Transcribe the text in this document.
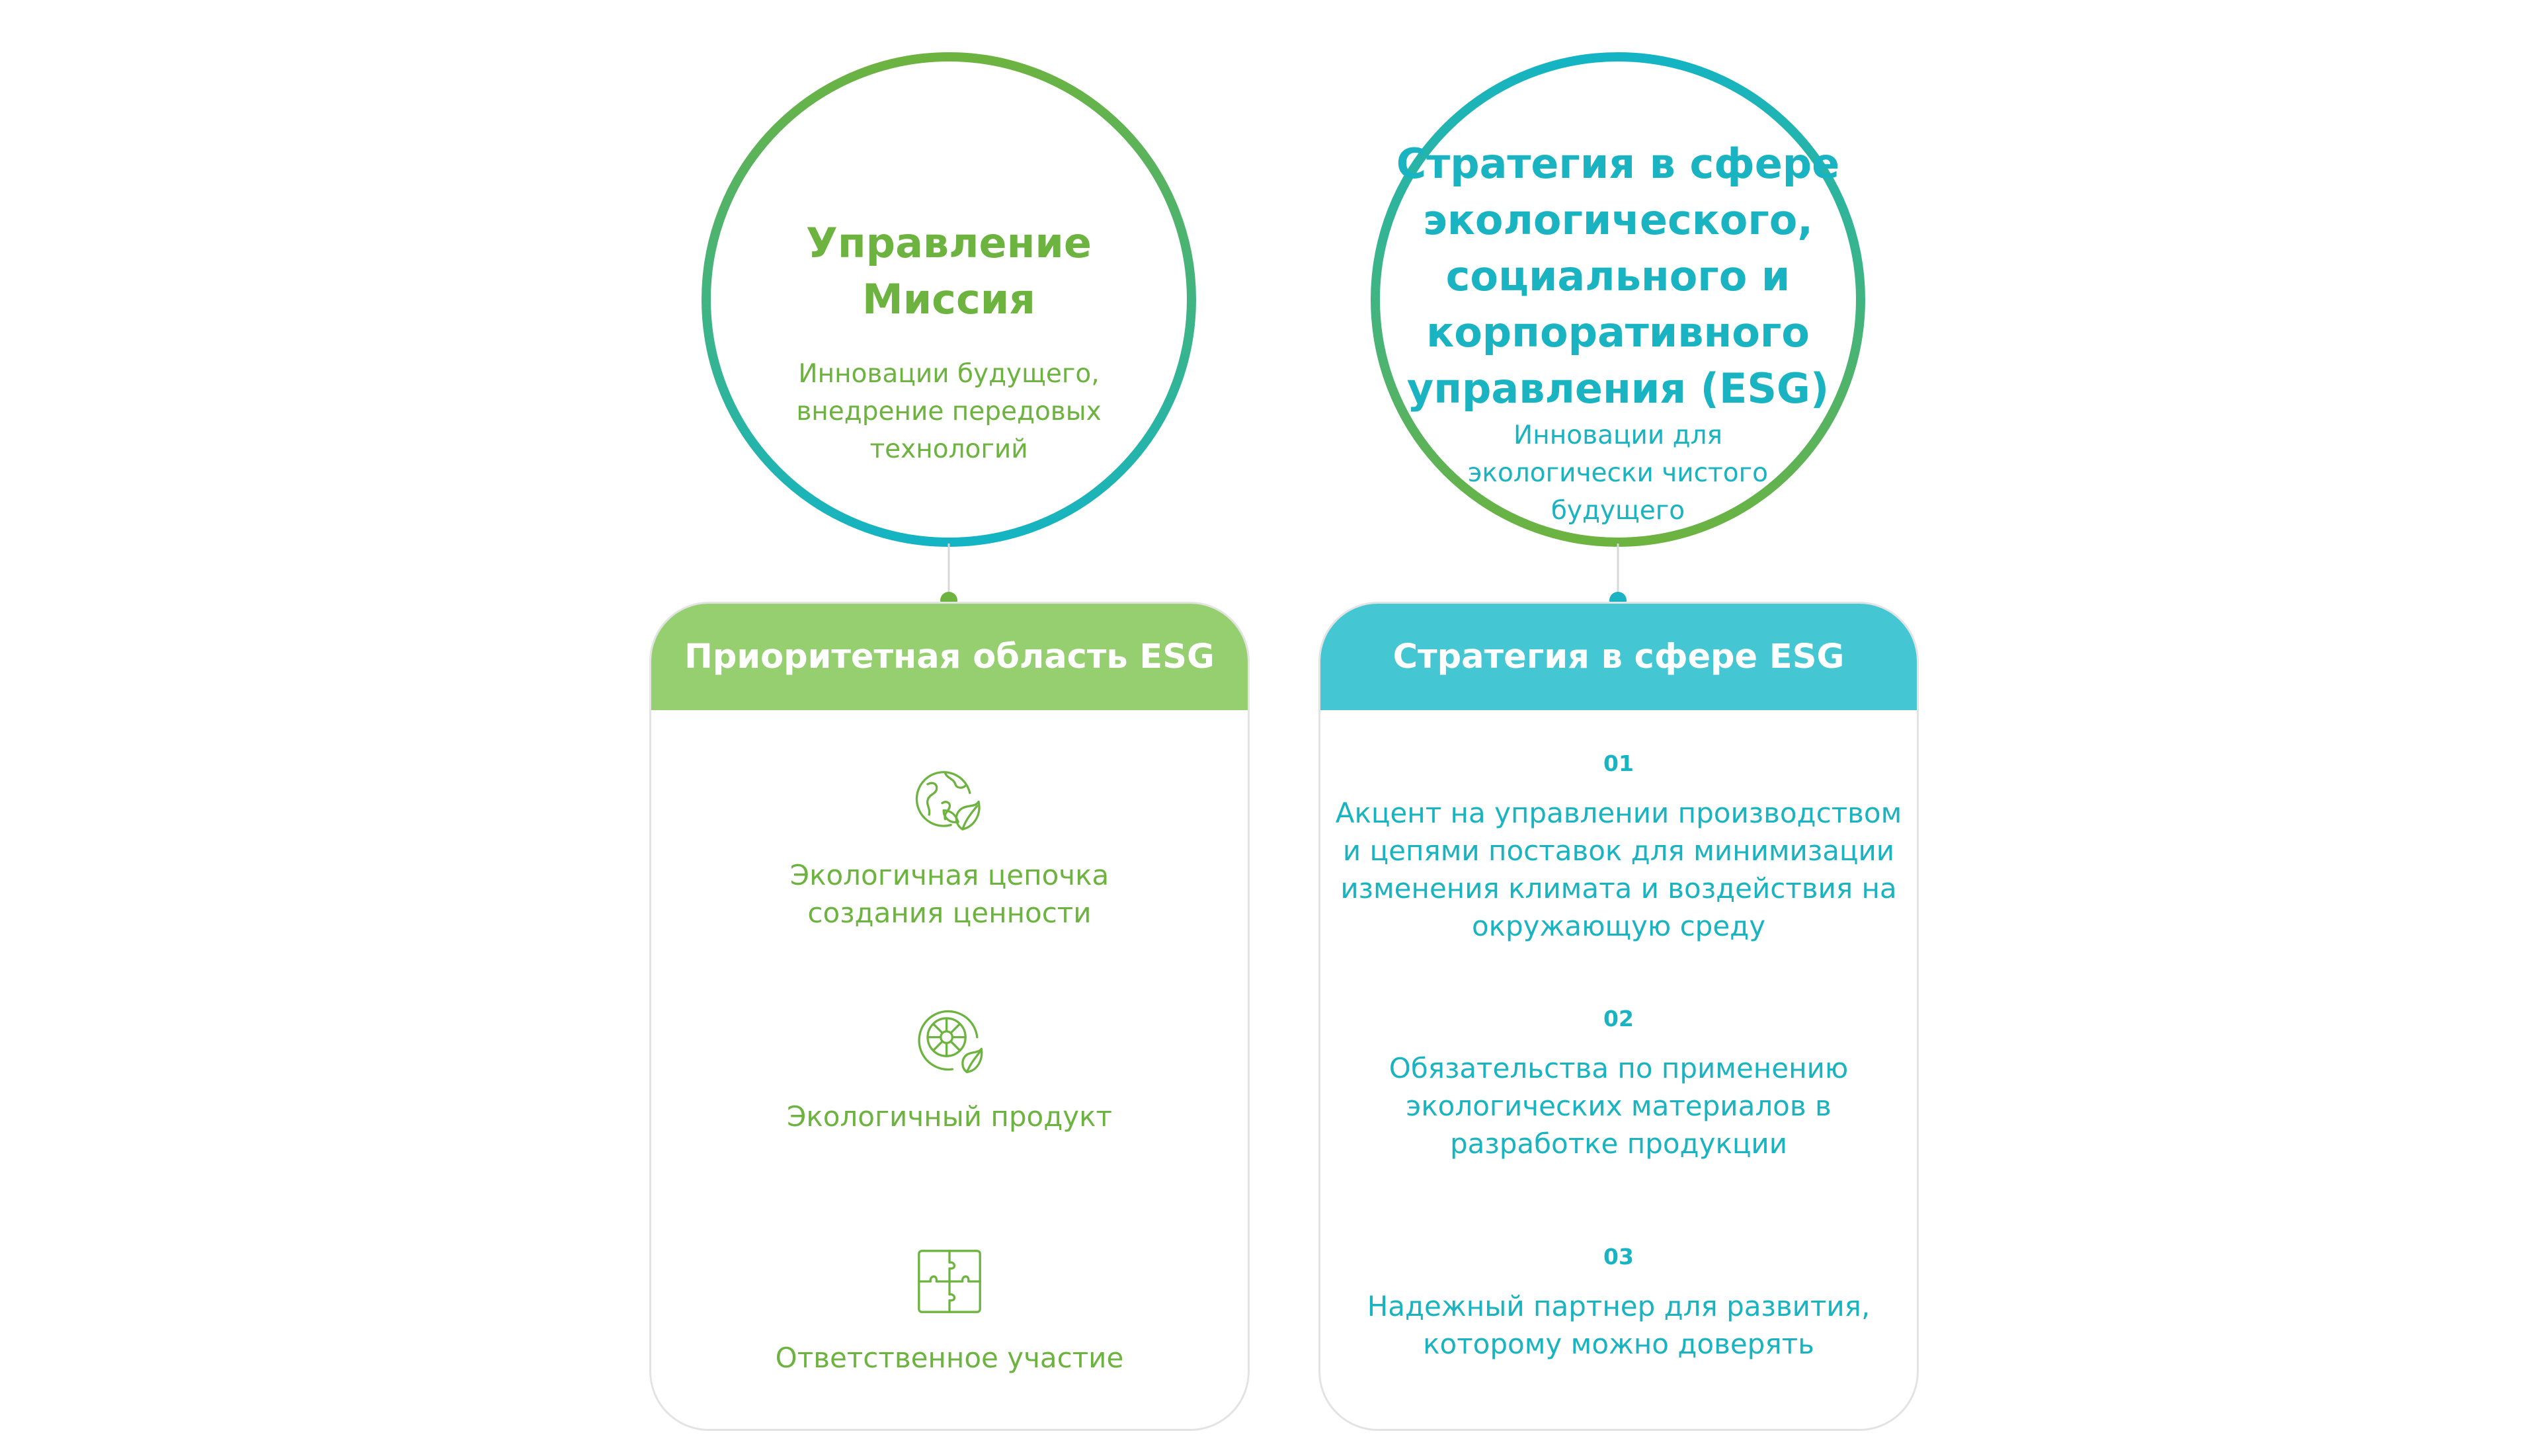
Управление Миссия
Инновации будущего,
внедрение передовых
технологий
Стратегия в сфере
экологического,
социального и
корпоративного
управления (ESG)
Инновации для
экологически чистого
будущего
Приоритетная область ESG
Экологичная цепочка
создания ценности
Экологичный продукт
Ответственное участие
Стратегия в сфере ESG
01
Акцент на управлении производством
и цепями поставок для минимизации
изменения климата и воздействия на
окружающую среду
02
Обязательства по применению
экологических материалов в
разработке продукции
03
Надежный партнер для развития,
которому можно доверять
